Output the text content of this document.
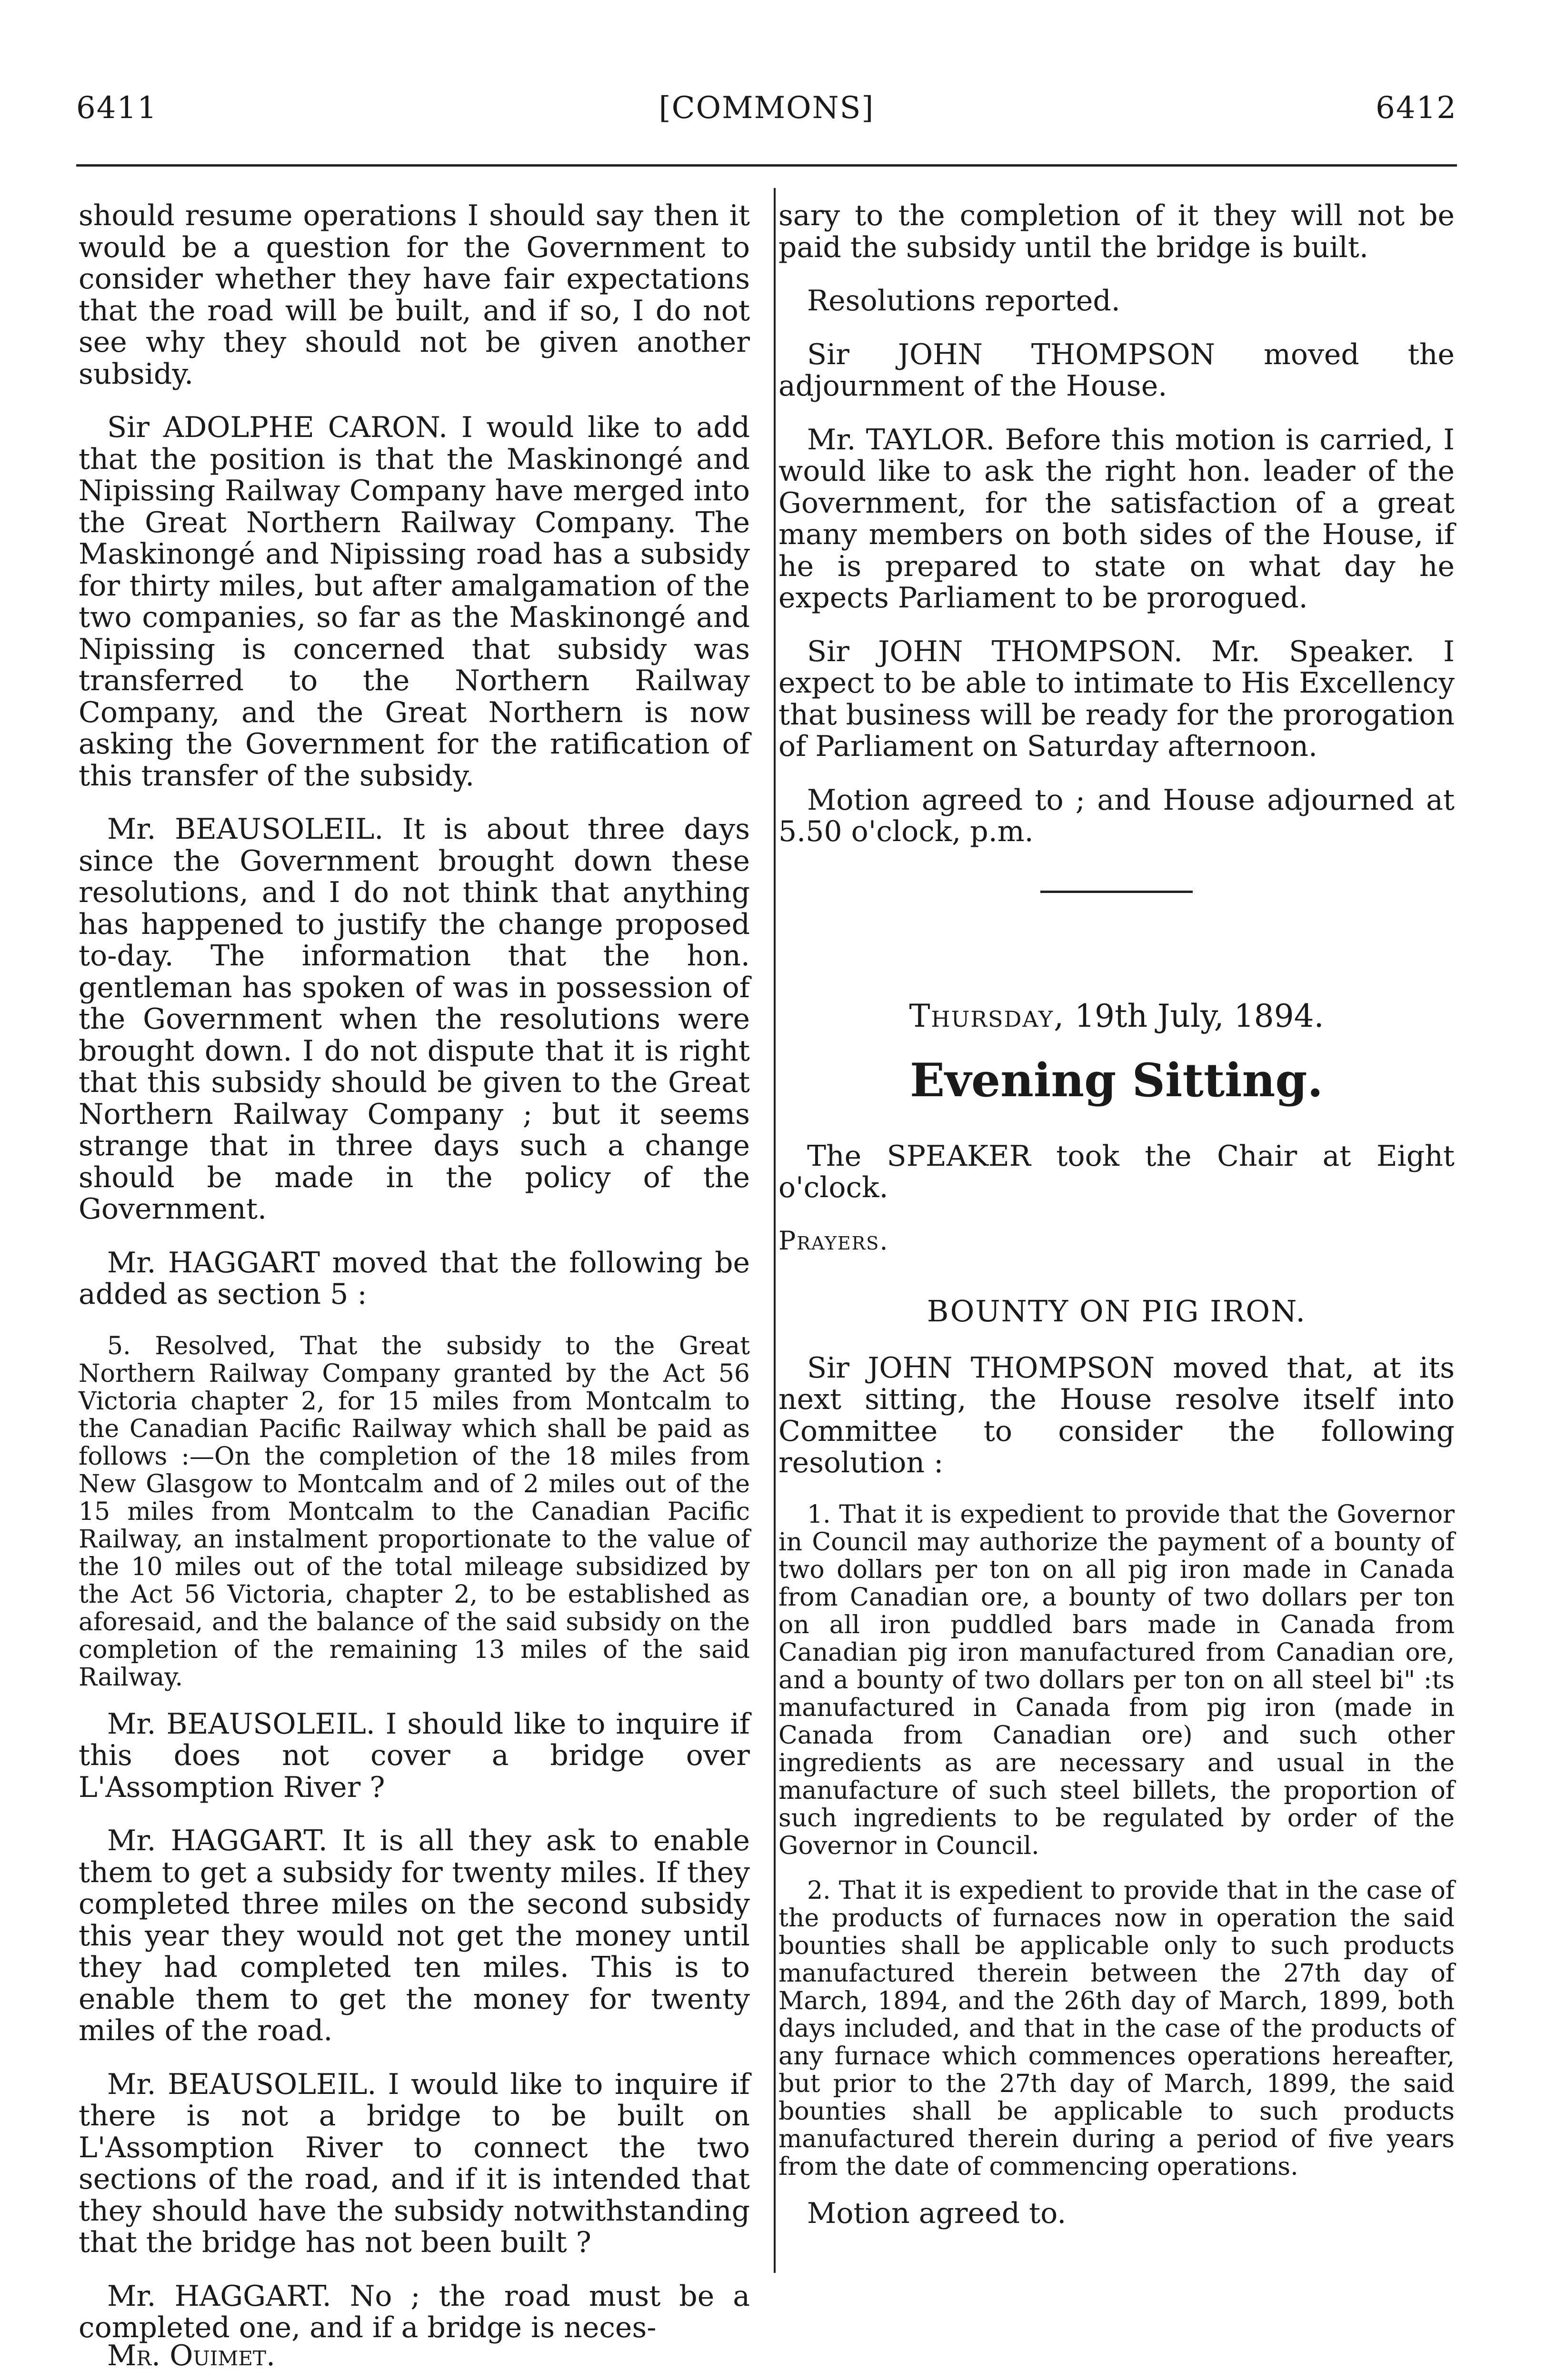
6411	[COMMONS]	6412

should resume operations I should say then it would be a question for the Government to consider whether they have fair expectations that the road will be built, and if so, I do not see why they should not be given another subsidy.

Sir ADOLPHE CARON. I would like to add that the position is that the Maskinongé and Nipissing Railway Company have merged into the Great Northern Railway Company. The Maskinongé and Nipissing road has a subsidy for thirty miles, but after amalgamation of the two companies, so far as the Maskinongé and Nipissing is concerned that subsidy was transferred to the Northern Railway Company, and the Great Northern is now asking the Government for the ratification of this transfer of the subsidy.

Mr. BEAUSOLEIL. It is about three days since the Government brought down these resolutions, and I do not think that anything has happened to justify the change proposed to-day. The information that the hon. gentleman has spoken of was in possession of the Government when the resolutions were brought down. I do not dispute that it is right that this subsidy should be given to the Great Northern Railway Company ; but it seems strange that in three days such a change should be made in the policy of the Government.

Mr. HAGGART moved that the following be added as section 5 :

5. Resolved, That the subsidy to the Great Northern Railway Company granted by the Act 56 Victoria chapter 2, for 15 miles from Montcalm to the Canadian Pacific Railway which shall be paid as follows :—On the completion of the 18 miles from New Glasgow to Montcalm and of 2 miles out of the 15 miles from Montcalm to the Canadian Pacific Railway, an instalment proportionate to the value of the 10 miles out of the total mileage subsidized by the Act 56 Victoria, chapter 2, to be established as aforesaid, and the balance of the said subsidy on the completion of the remaining 13 miles of the said Railway.

Mr. BEAUSOLEIL. I should like to inquire if this does not cover a bridge over L'Assomption River ?

Mr. HAGGART. It is all they ask to enable them to get a subsidy for twenty miles. If they completed three miles on the second subsidy this year they would not get the money until they had completed ten miles. This is to enable them to get the money for twenty miles of the road.

Mr. BEAUSOLEIL. I would like to inquire if there is not a bridge to be built on L'Assomption River to connect the two sections of the road, and if it is intended that they should have the subsidy notwithstanding that the bridge has not been built ?

Mr. HAGGART. No ; the road must be a completed one, and if a bridge is neces-

Mr. Ouimet.

sary to the completion of it they will not be paid the subsidy until the bridge is built.

Resolutions reported.

Sir JOHN THOMPSON moved the adjournment of the House.

Mr. TAYLOR. Before this motion is carried, I would like to ask the right hon. leader of the Government, for the satisfaction of a great many members on both sides of the House, if he is prepared to state on what day he expects Parliament to be prorogued.

Sir JOHN THOMPSON. Mr. Speaker. I expect to be able to intimate to His Excellency that business will be ready for the prorogation of Parliament on Saturday afternoon.

Motion agreed to ; and House adjourned at 5.50 o'clock, p.m.

Thursday, 19th July, 1894.
Evening Sitting.

The SPEAKER took the Chair at Eight o'clock.

Prayers.
BOUNTY ON PIG IRON.

Sir JOHN THOMPSON moved that, at its next sitting, the House resolve itself into Committee to consider the following resolution :

1. That it is expedient to provide that the Governor in Council may authorize the payment of a bounty of two dollars per ton on all pig iron made in Canada from Canadian ore, a bounty of two dollars per ton on all iron puddled bars made in Canada from Canadian pig iron manufactured from Canadian ore, and a bounty of two dollars per ton on all steel bi" :ts manufactured in Canada from pig iron (made in Canada from Canadian ore) and such other ingredients as are necessary and usual in the manufacture of such steel billets, the proportion of such ingredients to be regulated by order of the Governor in Council.

2. That it is expedient to provide that in the case of the products of furnaces now in operation the said bounties shall be applicable only to such products manufactured therein between the 27th day of March, 1894, and the 26th day of March, 1899, both days included, and that in the case of the products of any furnace which commences operations hereafter, but prior to the 27th day of March, 1899, the said bounties shall be applicable to such products manufactured therein during a period of five years from the date of commencing operations.

Motion agreed to.
